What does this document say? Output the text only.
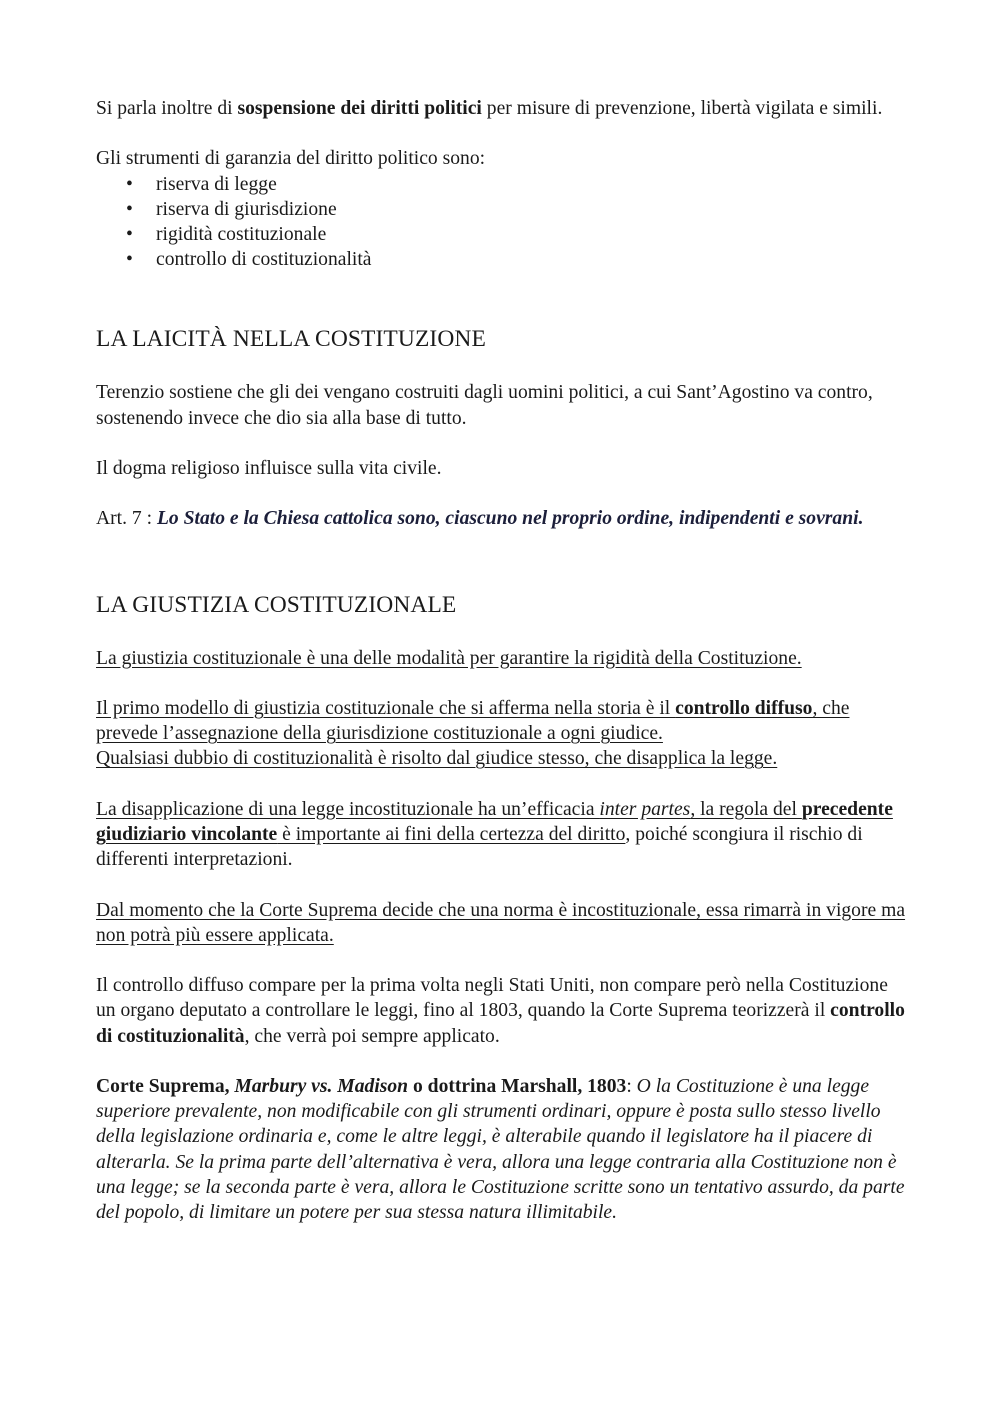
Si parla inoltre di sospensione dei diritti politici per misure di prevenzione, libertà vigilata e simili.

Gli strumenti di garanzia del diritto politico sono:

• riserva di legge
• riserva di giurisdizione
• rigidità costituzionale
• controllo di costituzionalità
LA LAICITÀ NELLA COSTITUZIONE

Terenzio sostiene che gli dei vengano costruiti dagli uomini politici, a cui Sant’Agostino va contro, sostenendo invece che dio sia alla base di tutto.

Il dogma religioso influisce sulla vita civile.

Art. 7 : Lo Stato e la Chiesa cattolica sono, ciascuno nel proprio ordine, indipendenti e sovrani.

LA GIUSTIZIA COSTITUZIONALE

La giustizia costituzionale è una delle modalità per garantire la rigidità della Costituzione.

Il primo modello di giustizia costituzionale che si afferma nella storia è il controllo diffuso, che prevede l’assegnazione della giurisdizione costituzionale a ogni giudice.
Qualsiasi dubbio di costituzionalità è risolto dal giudice stesso, che disapplica la legge.

La disapplicazione di una legge incostituzionale ha un’efficacia inter partes, la regola del precedente giudiziario vincolante è importante ai fini della certezza del diritto, poiché scongiura il rischio di differenti interpretazioni.

Dal momento che la Corte Suprema decide che una norma è incostituzionale, essa rimarrà in vigore ma non potrà più essere applicata.

Il controllo diffuso compare per la prima volta negli Stati Uniti, non compare però nella Costituzione un organo deputato a controllare le leggi, fino al 1803, quando la Corte Suprema teorizzerà il controllo di costituzionalità, che verrà poi sempre applicato.

Corte Suprema, Marbury vs. Madison o dottrina Marshall, 1803: O la Costituzione è una legge superiore prevalente, non modificabile con gli strumenti ordinari, oppure è posta sullo stesso livello della legislazione ordinaria e, come le altre leggi, è alterabile quando il legislatore ha il piacere di alterarla. Se la prima parte dell’alternativa è vera, allora una legge contraria alla Costituzione non è una legge; se la seconda parte è vera, allora le Costituzione scritte sono un tentativo assurdo, da parte del popolo, di limitare un potere per sua stessa natura illimitabile.
